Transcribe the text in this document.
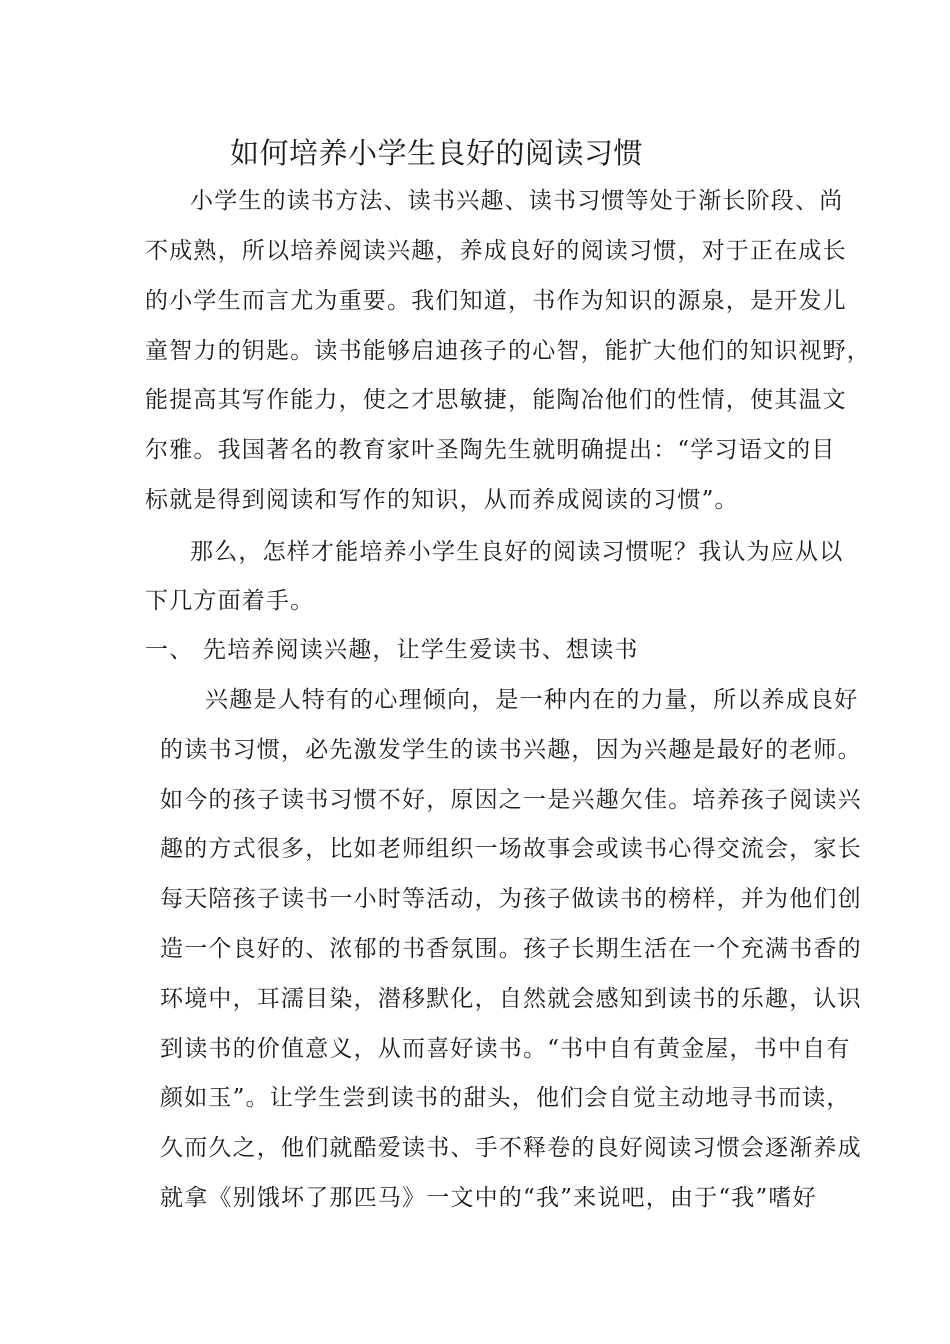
如何培养小学生良好的阅读习惯
小学生的读书方法、读书兴趣、读书习惯等处于渐长阶段、尚
不成熟，所以培养阅读兴趣，养成良好的阅读习惯，对于正在成长
的小学生而言尤为重要。我们知道，书作为知识的源泉，是开发儿
童智力的钥匙。读书能够启迪孩子的心智，能扩大他们的知识视野，
能提高其写作能力，使之才思敏捷，能陶冶他们的性情，使其温文
尔雅。我国著名的教育家叶圣陶先生就明确提出：“学习语文的目
标就是得到阅读和写作的知识，从而养成阅读的习惯”。
那么，怎样才能培养小学生良好的阅读习惯呢？我认为应从以
下几方面着手。
一、 先培养阅读兴趣，让学生爱读书、想读书
兴趣是人特有的心理倾向，是一种内在的力量，所以养成良好
的读书习惯，必先激发学生的读书兴趣，因为兴趣是最好的老师。
如今的孩子读书习惯不好，原因之一是兴趣欠佳。培养孩子阅读兴
趣的方式很多，比如老师组织一场故事会或读书心得交流会，家长
每天陪孩子读书一小时等活动，为孩子做读书的榜样，并为他们创
造一个良好的、浓郁的书香氛围。孩子长期生活在一个充满书香的
环境中，耳濡目染，潜移默化，自然就会感知到读书的乐趣，认识
到读书的价值意义，从而喜好读书。“书中自有黄金屋，书中自有
颜如玉”。让学生尝到读书的甜头，他们会自觉主动地寻书而读，
久而久之，他们就酷爱读书、手不释卷的良好阅读习惯会逐渐养成
就拿《别饿坏了那匹马》一文中的“我”来说吧，由于“我”嗜好
